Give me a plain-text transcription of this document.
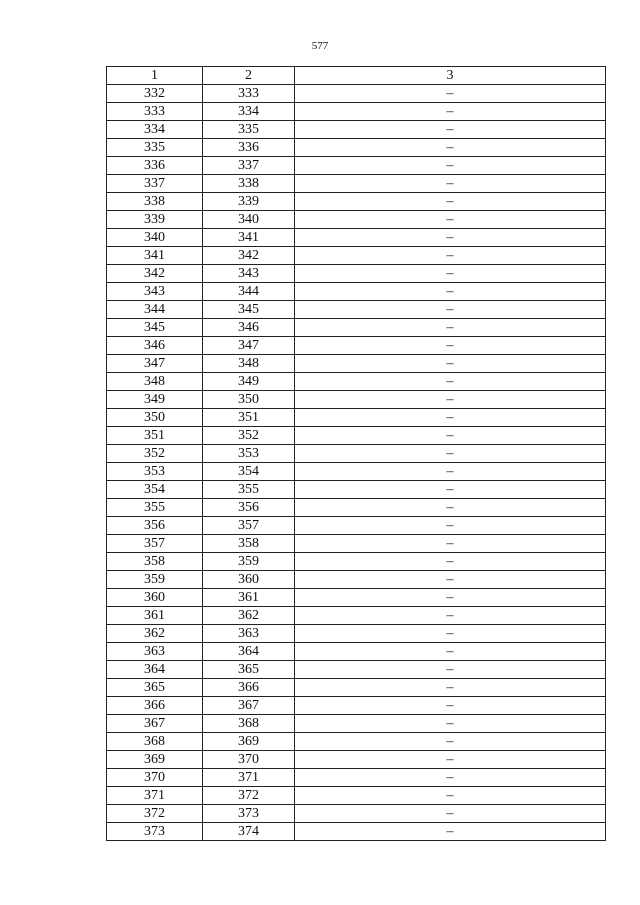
577
1	2	3
332	333	–
333	334	–
334	335	–
335	336	–
336	337	–
337	338	–
338	339	–
339	340	–
340	341	–
341	342	–
342	343	–
343	344	–
344	345	–
345	346	–
346	347	–
347	348	–
348	349	–
349	350	–
350	351	–
351	352	–
352	353	–
353	354	–
354	355	–
355	356	–
356	357	–
357	358	–
358	359	–
359	360	–
360	361	–
361	362	–
362	363	–
363	364	–
364	365	–
365	366	–
366	367	–
367	368	–
368	369	–
369	370	–
370	371	–
371	372	–
372	373	–
373	374	–
